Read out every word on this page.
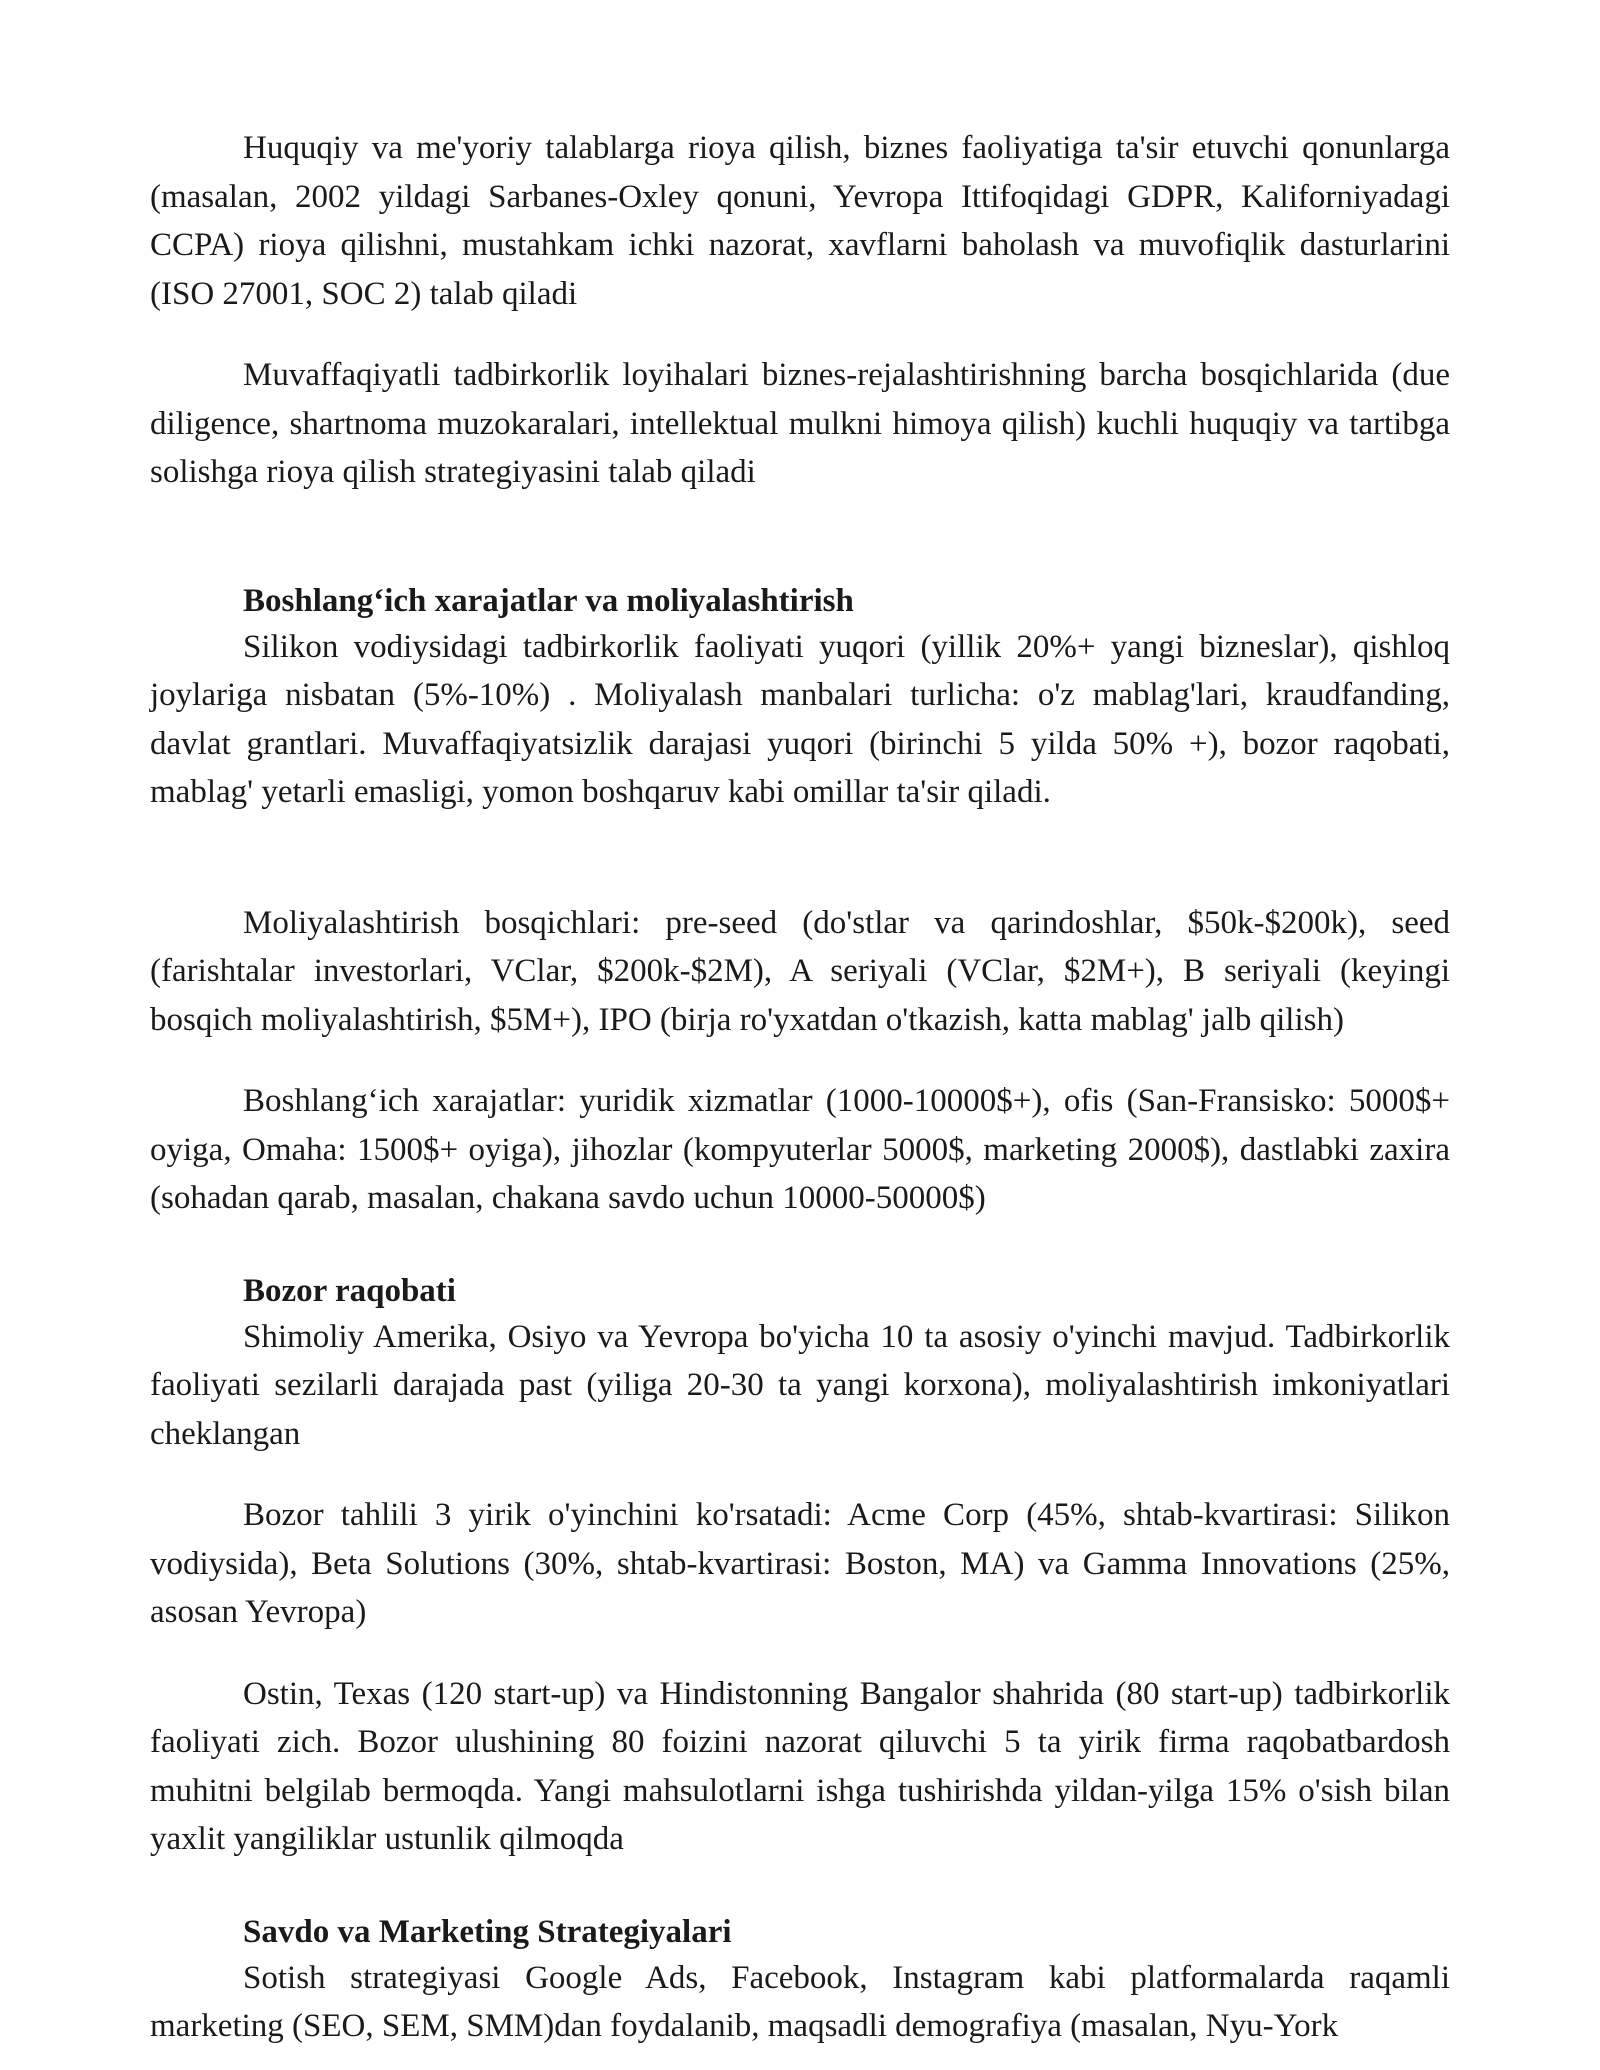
Huquqiy va me'yoriy talablarga rioya qilish, biznes faoliyatiga ta'sir etuvchi qonunlarga (masalan, 2002 yildagi Sarbanes-Oxley qonuni, Yevropa Ittifoqidagi GDPR, Kaliforniyadagi CCPA) rioya qilishni, mustahkam ichki nazorat, xavflarni baholash va muvofiqlik dasturlarini (ISO 27001, SOC 2) talab qiladi

Muvaffaqiyatli tadbirkorlik loyihalari biznes-rejalashtirishning barcha bosqichlarida (due diligence, shartnoma muzokaralari, intellektual mulkni himoya qilish) kuchli huquqiy va tartibga solishga rioya qilish strategiyasini talab qiladi

Boshlang‘ich xarajatlar va moliyalashtirish

Silikon vodiysidagi tadbirkorlik faoliyati yuqori (yillik 20%+ yangi bizneslar), qishloq joylariga nisbatan (5%-10%) . Moliyalash manbalari turlicha: o'z mablag'lari, kraudfanding, davlat grantlari. Muvaffaqiyatsizlik darajasi yuqori (birinchi 5 yilda 50% +), bozor raqobati, mablag' yetarli emasligi, yomon boshqaruv kabi omillar ta'sir qiladi.

Moliyalashtirish bosqichlari: pre-seed (do'stlar va qarindoshlar, $50k-$200k), seed (farishtalar investorlari, VClar, $200k-$2M), A seriyali (VClar, $2M+), B seriyali (keyingi bosqich moliyalashtirish, $5M+), IPO (birja ro'yxatdan o'tkazish, katta mablag' jalb qilish)

Boshlang‘ich xarajatlar: yuridik xizmatlar (1000-10000$+), ofis (San-Fransisko: 5000$+ oyiga, Omaha: 1500$+ oyiga), jihozlar (kompyuterlar 5000$, marketing 2000$), dastlabki zaxira (sohadan qarab, masalan, chakana savdo uchun 10000-50000$)

Bozor raqobati

Shimoliy Amerika, Osiyo va Yevropa bo'yicha 10 ta asosiy o'yinchi mavjud. Tadbirkorlik faoliyati sezilarli darajada past (yiliga 20-30 ta yangi korxona), moliyalashtirish imkoniyatlari cheklangan

Bozor tahlili 3 yirik o'yinchini ko'rsatadi: Acme Corp (45%, shtab-kvartirasi: Silikon vodiysida), Beta Solutions (30%, shtab-kvartirasi: Boston, MA) va Gamma Innovations (25%, asosan Yevropa)

Ostin, Texas (120 start-up) va Hindistonning Bangalor shahrida (80 start-up) tadbirkorlik faoliyati zich. Bozor ulushining 80 foizini nazorat qiluvchi 5 ta yirik firma raqobatbardosh muhitni belgilab bermoqda. Yangi mahsulotlarni ishga tushirishda yildan-yilga 15% o'sish bilan yaxlit yangiliklar ustunlik qilmoqda

Savdo va Marketing Strategiyalari

Sotish strategiyasi Google Ads, Facebook, Instagram kabi platformalarda raqamli marketing (SEO, SEM, SMM)dan foydalanib, maqsadli demografiya (masalan, Nyu-York
